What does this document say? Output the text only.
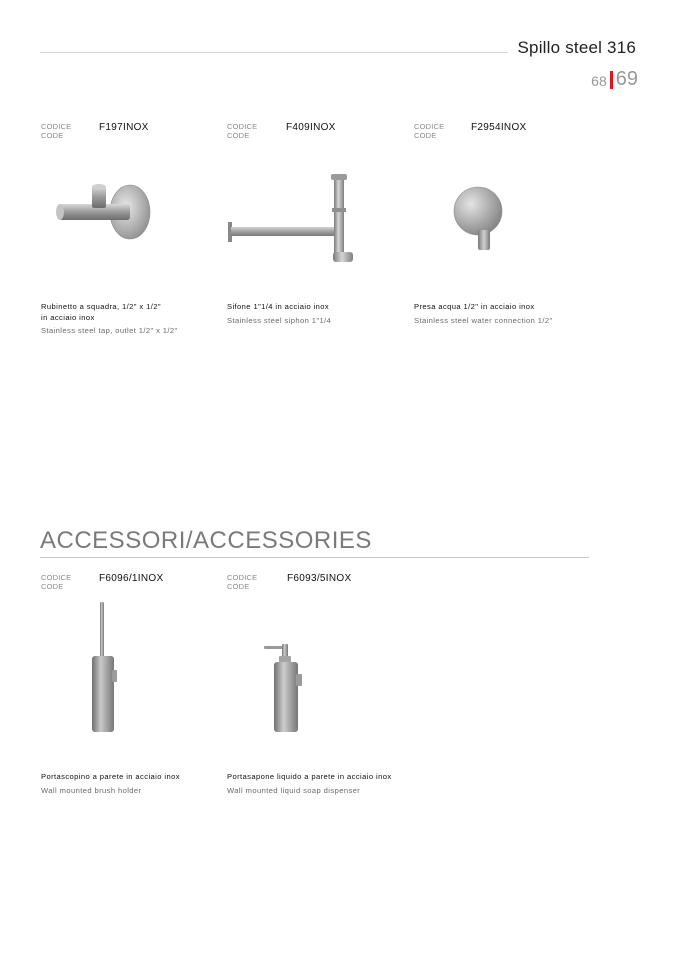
Spillo steel 316
68 69
CODICE
CODE
F197INOX
Rubinetto a squadra, 1/2" x 1/2"
in acciaio inox
Stainless steel tap, outlet 1/2" x 1/2"
CODICE
CODE
F409INOX
Sifone 1"1/4 in acciaio inox
Stainless steel siphon 1"1/4
CODICE
CODE
F2954INOX
Presa acqua 1/2" in acciaio inox
Stainless steel water connection 1/2"
ACCESSORI/ACCESSORIES
CODICE
CODE
F6096/1INOX
Portascopino a parete in acciaio inox
Wall mounted brush holder
CODICE
CODE
F6093/5INOX
Portasapone liquido a parete in acciaio inox
Wall mounted liquid soap dispenser
